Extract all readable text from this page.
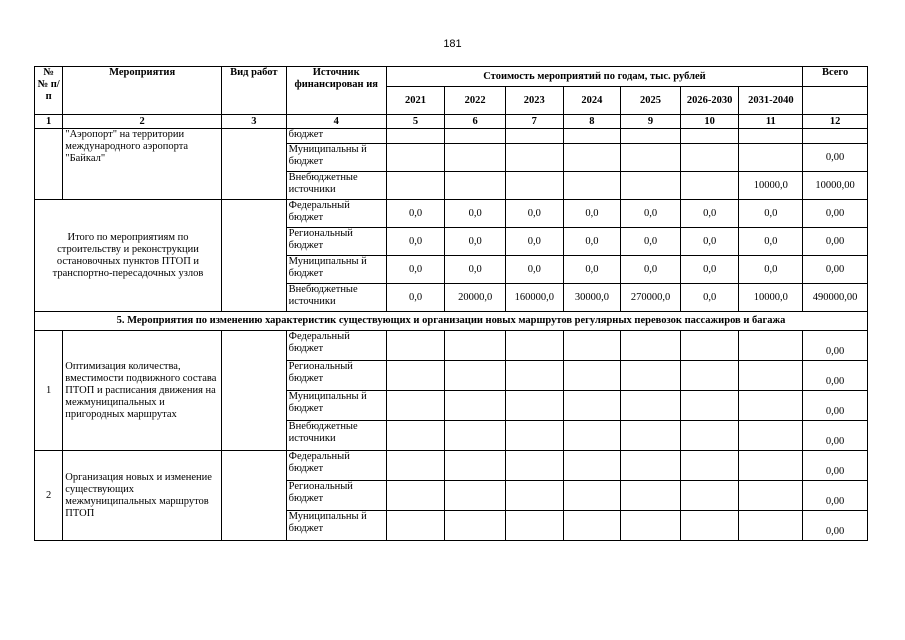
181
№ № п/п	Мероприятия	Вид работ	Источник финансирован ия	Стоимость мероприятий по годам, тыс. рублей							Всего
				2021	2022	2023	2024	2025	2026-2030	2031-2040	
1	2	3	4	5	6	7	8	9	10	11	12
	"Аэропорт" на территории международного аэропорта "Байкал"		бюджет								
			Муниципальны й бюджет								0,00
			Внебюджетные источники							10000,0	10000,00
Итого по мероприятиям по строительству и реконструкции остановочных пунктов ПТОП и транспортно-пересадочных узлов			Федеральный бюджет	0,0	0,0	0,0	0,0	0,0	0,0	0,0	0,00
			Региональный бюджет	0,0	0,0	0,0	0,0	0,0	0,0	0,0	0,00
			Муниципальны й бюджет	0,0	0,0	0,0	0,0	0,0	0,0	0,0	0,00
			Внебюджетные источники	0,0	20000,0	160000,0	30000,0	270000,0	0,0	10000,0	490000,00
5. Мероприятия по изменению характеристик существующих и организации новых маршрутов регулярных перевозок пассажиров и багажа											
1	Оптимизация количества, вместимости подвижного состава ПТОП и расписания движения на межмуниципальных и пригородных маршрутах		Федеральный бюджет								0,00
			Региональный бюджет								0,00
			Муниципальны й бюджет								0,00
			Внебюджетные источники								0,00
2	Организация новых и изменение существующих межмуниципальных маршрутов ПТОП		Федеральный бюджет								0,00
			Региональный бюджет								0,00
			Муниципальны й бюджет								0,00
